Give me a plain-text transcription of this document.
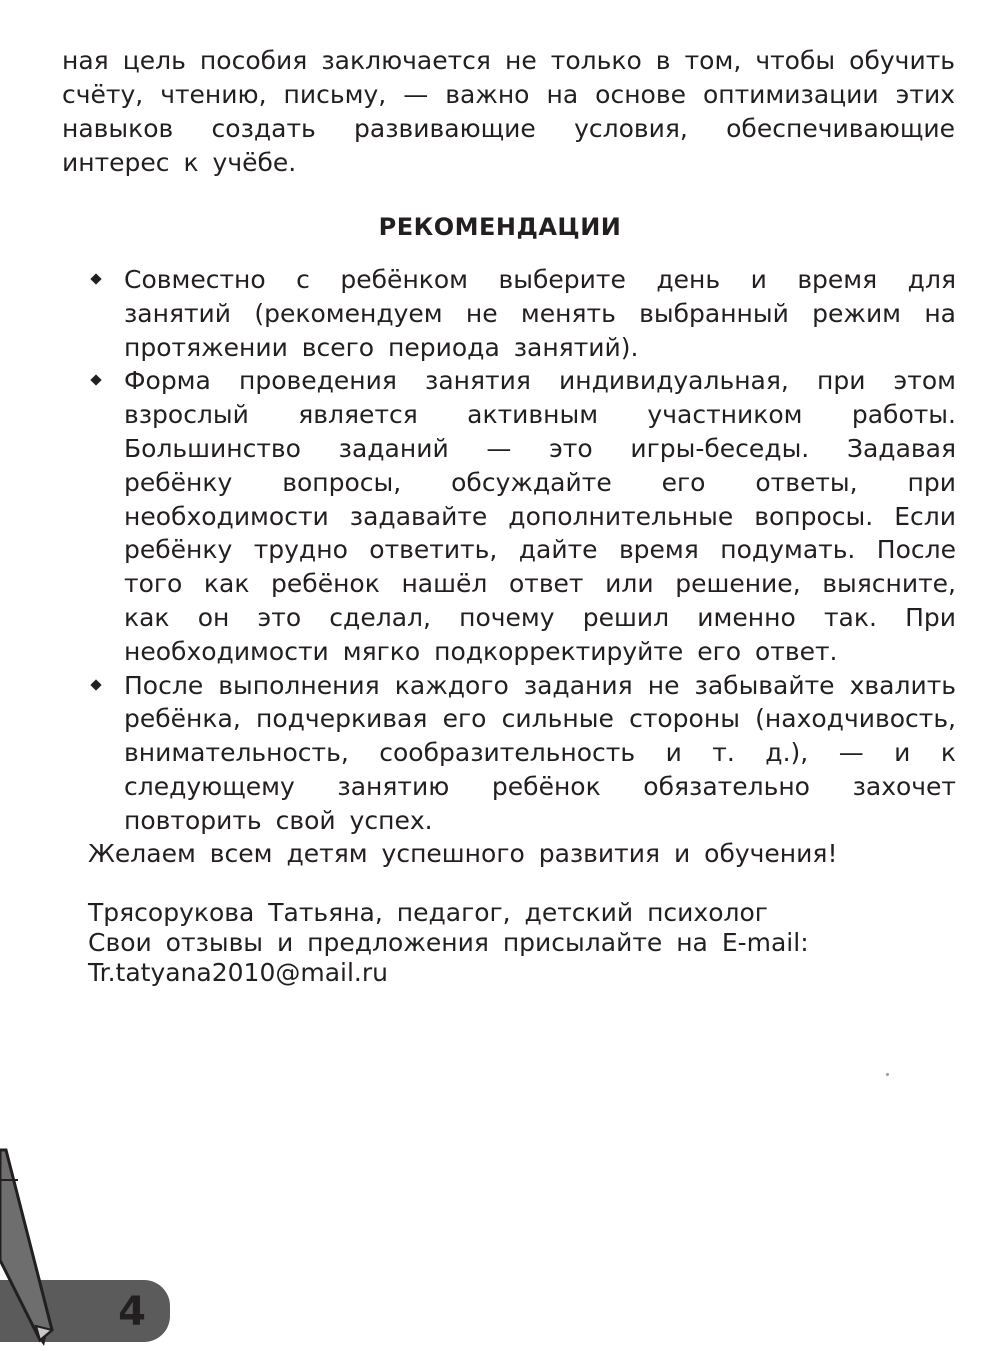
ная цель пособия заключается не только в том, чтобы обучить счёту, чтению, письму, — важно на основе оптимизации этих навыков создать развивающие условия, обеспечивающие интерес к учёбе.

РЕКОМЕНДАЦИИ
Совместно с ребёнком выберите день и время для занятий (рекомендуем не менять выбранный режим на протяжении всего периода занятий).
Форма проведения занятия индивидуальная, при этом взрослый является активным участником работы. Большинство заданий — это игры-беседы. Задавая ребёнку вопросы, обсуждайте его ответы, при необходимости задавайте дополнительные вопросы. Если ребёнку трудно ответить, дайте время подумать. После того как ребёнок нашёл ответ или решение, выясните, как он это сделал, почему решил именно так. При необходимости мягко подкорректируйте его ответ.
После выполнения каждого задания не забывайте хвалить ребёнка, подчеркивая его сильные стороны (находчивость, внимательность, сообразительность и т. д.), — и к следующему занятию ребёнок обязательно захочет повторить свой успех.

Желаем всем детям успешного развития и обучения!

Трясорукова Татьяна, педагог, детский психолог
Свои отзывы и предложения присылайте на E-mail:
Tr.tatyana2010@mail.ru

4
